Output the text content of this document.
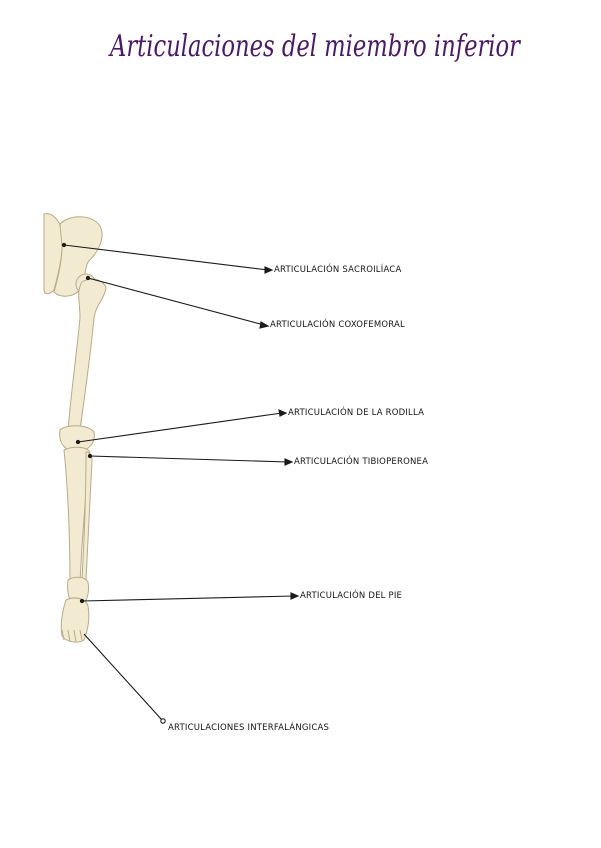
Articulaciones del miembro inferior
ARTICULACIÓN SACROILÍACA
ARTICULACIÓN COXOFEMORAL
ARTICULACIÓN DE LA RODILLA
ARTICULACIÓN TIBIOPERONEA
ARTICULACIÓN DEL PIE
ARTICULACIONES INTERFALÁNGICAS
